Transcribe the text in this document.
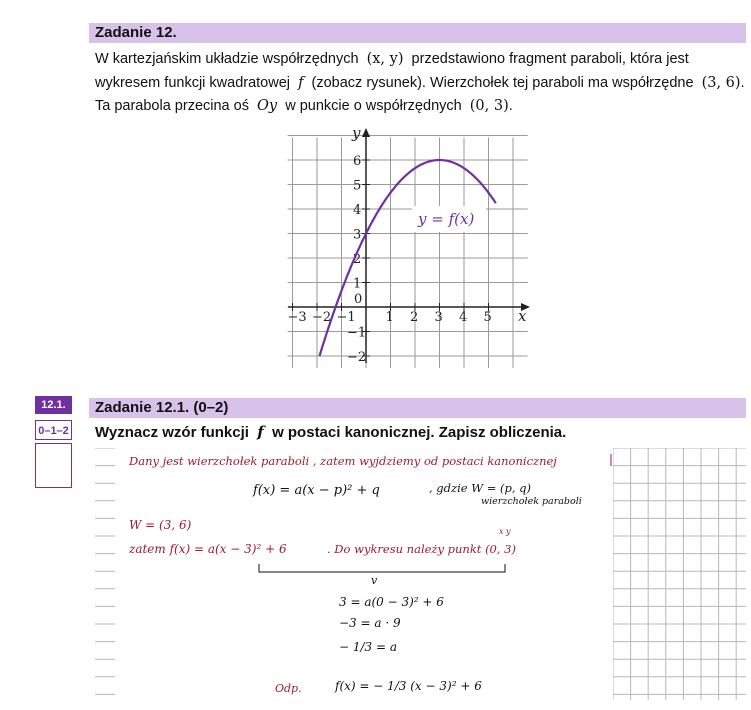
Zadanie 12.
W kartezjańskim układzie współrzędnych (x, y) przedstawiono fragment paraboli, która jest wykresem funkcji kwadratowej f (zobacz rysunek). Wierzchołek tej paraboli ma współrzędne (3, 6). Ta parabola przecina oś Oy w punkcie o współrzędnych (0, 3).
−3 −2 −1
0
1 2 3 4 5
−2
−1
1
2
3
4
5
6
x
y
y = f(x)
12.1.
0–1–2
Zadanie 12.1. (0–2)
Wyznacz wzór funkcji f w postaci kanonicznej. Zapisz obliczenia.
Dany jest wierzchołek paraboli , zatem wyjdziemy od postaci kanonicznej
f(x) = a(x − p)² + q	, gdzie W = (p, q)
wierzchołek paraboli
W = (3, 6)
zatem f(x) = a(x − 3)² + 6	. Do wykresu należy punkt (0, 3)
x y
v
3 = a(0 − 3)² + 6
−3 = a · 9
− 1/3 = a
Odp.	f(x) = − 1/3 (x − 3)² + 6
